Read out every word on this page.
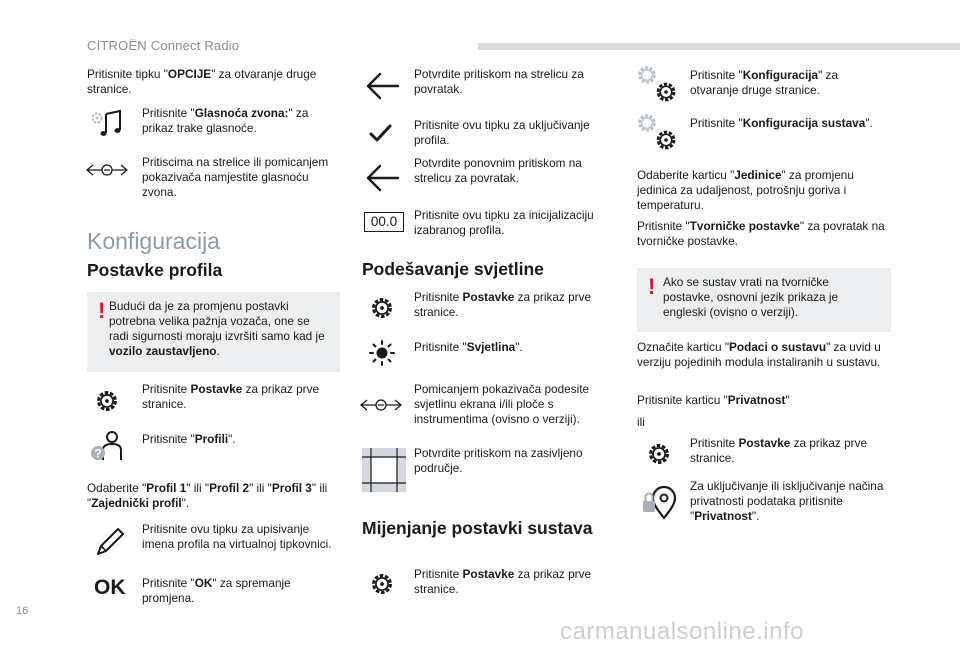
CITROËN Connect Radio
16
carmanualsonline.info
Pritisnite tipku "OPCIJE" za otvaranje druge stranice.
Pritisnite "Glasnoća zvona:" za prikaz trake glasnoće.
Pritiscima na strelice ili pomicanjem pokazivača namjestite glasnoću zvona.
Konfiguracija
Postavke profila
! Budući da je za promjenu postavki potrebna velika pažnja vozača, one se radi sigurnosti moraju izvršiti samo kad je vozilo zaustavljeno.
Pritisnite Postavke za prikaz prve stranice.
?
Pritisnite "Profili".
Odaberite "Profil 1" ili "Profil 2" ili "Profil 3" ili "Zajednički profil".
Pritisnite ovu tipku za upisivanje imena profila na virtualnoj tipkovnici.
OK Pritisnite "OK" za spremanje promjena.
Potvrdite pritiskom na strelicu za povratak.
Pritisnite ovu tipku za uključivanje profila.
Potvrdite ponovnim pritiskom na strelicu za povratak.
00.0	Pritisnite ovu tipku za inicijalizaciju izabranog profila.
Podešavanje svjetline
Pritisnite Postavke za prikaz prve stranice.
Pritisnite "Svjetlina".
Pomicanjem pokazivača podesite svjetlinu ekrana i/ili ploče s instrumentima (ovisno o verziji).
Potvrdite pritiskom na zasivljeno područje.
Mijenjanje postavki sustava
Pritisnite Postavke za prikaz prve stranice.
Pritisnite "Konfiguracija" za otvaranje druge stranice.
Pritisnite "Konfiguracija sustava".
Odaberite karticu "Jedinice" za promjenu jedinica za udaljenost, potrošnju goriva i temperaturu.
Pritisnite "Tvorničke postavke" za povratak na tvorničke postavke.
! Ako se sustav vrati na tvorničke postavke, osnovni jezik prikaza je engleski (ovisno o verziji).
Označite karticu "Podaci o sustavu" za uvid u verziju pojedinih modula instaliranih u sustavu.
Pritisnite karticu "Privatnost"
ili
Pritisnite Postavke za prikaz prve stranice.
Za uključivanje ili isključivanje načina privatnosti podataka pritisnite "Privatnost".
